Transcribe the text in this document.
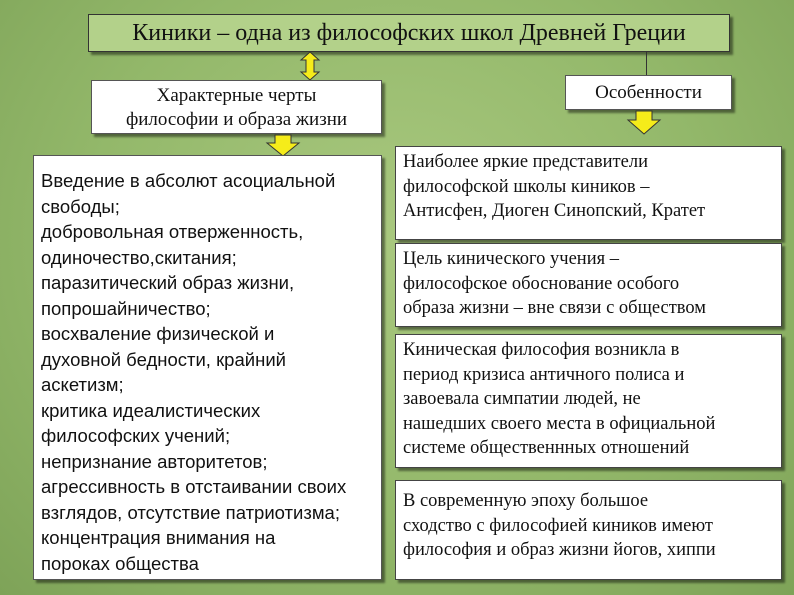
Киники – одна из философских школ Древней Греции
Характерные черты
философии и образа жизни
Особенности
Введение в абсолют асоциальной
свободы;
добровольная отверженность,
одиночество,скитания;
паразитический образ жизни,
попрошайничество;
восхваление физической и
духовной бедности, крайний
аскетизм;
критика идеалистических
философских учений;
непризнание авторитетов;
агрессивность в отстаивании своих
взглядов, отсутствие патриотизма;
концентрация внимания на
пороках общества
Наиболее яркие представители
философской школы киников –
Антисфен, Диоген Синопский, Кратет
Цель кинического учения –
философское обоснование особого
образа жизни – вне связи с обществом
Киническая философия возникла в
период кризиса античного полиса и
завоевала симпатии людей, не
нашедших своего места в официальной
системе общественнных отношений
В современную эпоху большое
сходство с философией киников имеют
философия и образ жизни йогов, хиппи
